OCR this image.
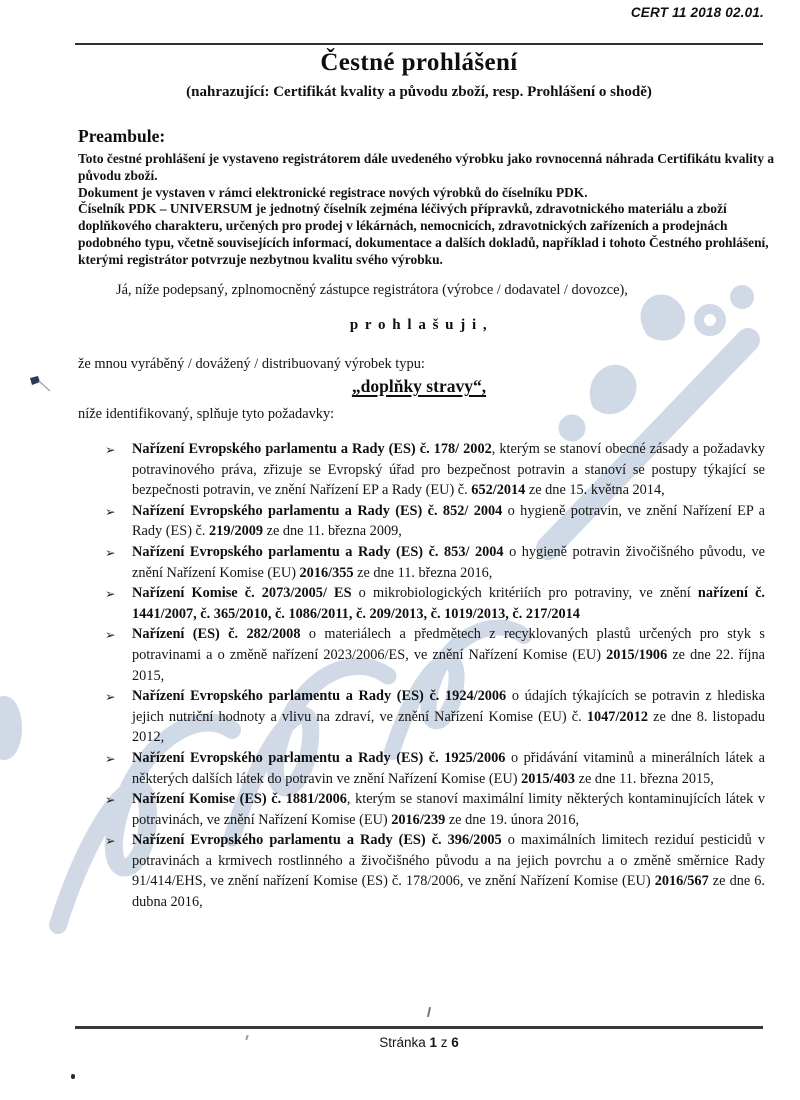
CERT 11 2018 02.01.
Čestné prohlášení
(nahrazující: Certifikát kvality a původu zboží, resp. Prohlášení o shodě)
Preambule:

Toto čestné prohlášení je vystaveno registrátorem dále uvedeného výrobku jako rovnocenná náhrada Certifikátu kvality a původu zboží.

Dokument je vystaven v rámci elektronické registrace nových výrobků do číselníku PDK.

Číselník PDK – UNIVERSUM je jednotný číselník zejména léčivých přípravků, zdravotnického materiálu a zboží doplňkového charakteru, určených pro prodej v lékárnách, nemocnicích, zdravotnických zařízeních a prodejnách podobného typu, včetně souvisejících informací, dokumentace a dalších dokladů, například i tohoto Čestného prohlášení, kterými registrátor potvrzuje nezbytnou kvalitu svého výrobku.

Já, níže podepsaný, zplnomocněný zástupce registrátora (výrobce / dodavatel / dovozce),

p r o h l a š u j i ,

že mnou vyráběný / dovážený / distribuovaný výrobek typu:

„doplňky stravy“,

níže identifikovaný, splňuje tyto požadavky:

➢ Nařízení Evropského parlamentu a Rady (ES) č. 178/ 2002, kterým se stanoví obecné zásady a požadavky potravinového práva, zřizuje se Evropský úřad pro bezpečnost potravin a stanoví se postupy týkající se bezpečnosti potravin, ve znění Nařízení EP a Rady (EU) č. 652/2014 ze dne 15. května 2014,
➢ Nařízení Evropského parlamentu a Rady (ES) č. 852/ 2004 o hygieně potravin, ve znění Nařízení EP a Rady (ES) č. 219/2009 ze dne 11. března 2009,
➢ Nařízení Evropského parlamentu a Rady (ES) č. 853/ 2004 o hygieně potravin živočišného původu, ve znění Nařízení Komise (EU) 2016/355 ze dne 11. března 2016,
➢ Nařízení Komise č. 2073/2005/ ES o mikrobiologických kritériích pro potraviny, ve znění nařízení č. 1441/2007, č. 365/2010, č. 1086/2011, č. 209/2013, č. 1019/2013, č. 217/2014
➢ Nařízení (ES) č. 282/2008 o materiálech a předmětech z recyklovaných plastů určených pro styk s potravinami a o změně nařízení 2023/2006/ES, ve znění Nařízení Komise (EU) 2015/1906 ze dne 22. října 2015,
➢ Nařízení Evropského parlamentu a Rady (ES) č. 1924/2006 o údajích týkajících se potravin z hlediska jejich nutriční hodnoty a vlivu na zdraví, ve znění Nařízení Komise (EU) č. 1047/2012 ze dne 8. listopadu 2012,
➢ Nařízení Evropského parlamentu a Rady (ES) č. 1925/2006 o přidávání vitaminů a minerálních látek a některých dalších látek do potravin ve znění Nařízení Komise (EU) 2015/403 ze dne 11. března 2015,
➢ Nařízení Komise (ES) č. 1881/2006, kterým se stanoví maximální limity některých kontaminujících látek v potravinách, ve znění Nařízení Komise (EU) 2016/239 ze dne 19. února 2016,
➢ Nařízení Evropského parlamentu a Rady (ES) č. 396/2005 o maximálních limitech reziduí pesticidů v potravinách a krmivech rostlinného a živočišného původu a na jejich povrchu a o změně směrnice Rady 91/414/EHS, ve znění nařízení Komise (ES) č. 178/2006, ve znění Nařízení Komise (EU) 2016/567 ze dne 6. dubna 2016,
Stránka 1 z 6
